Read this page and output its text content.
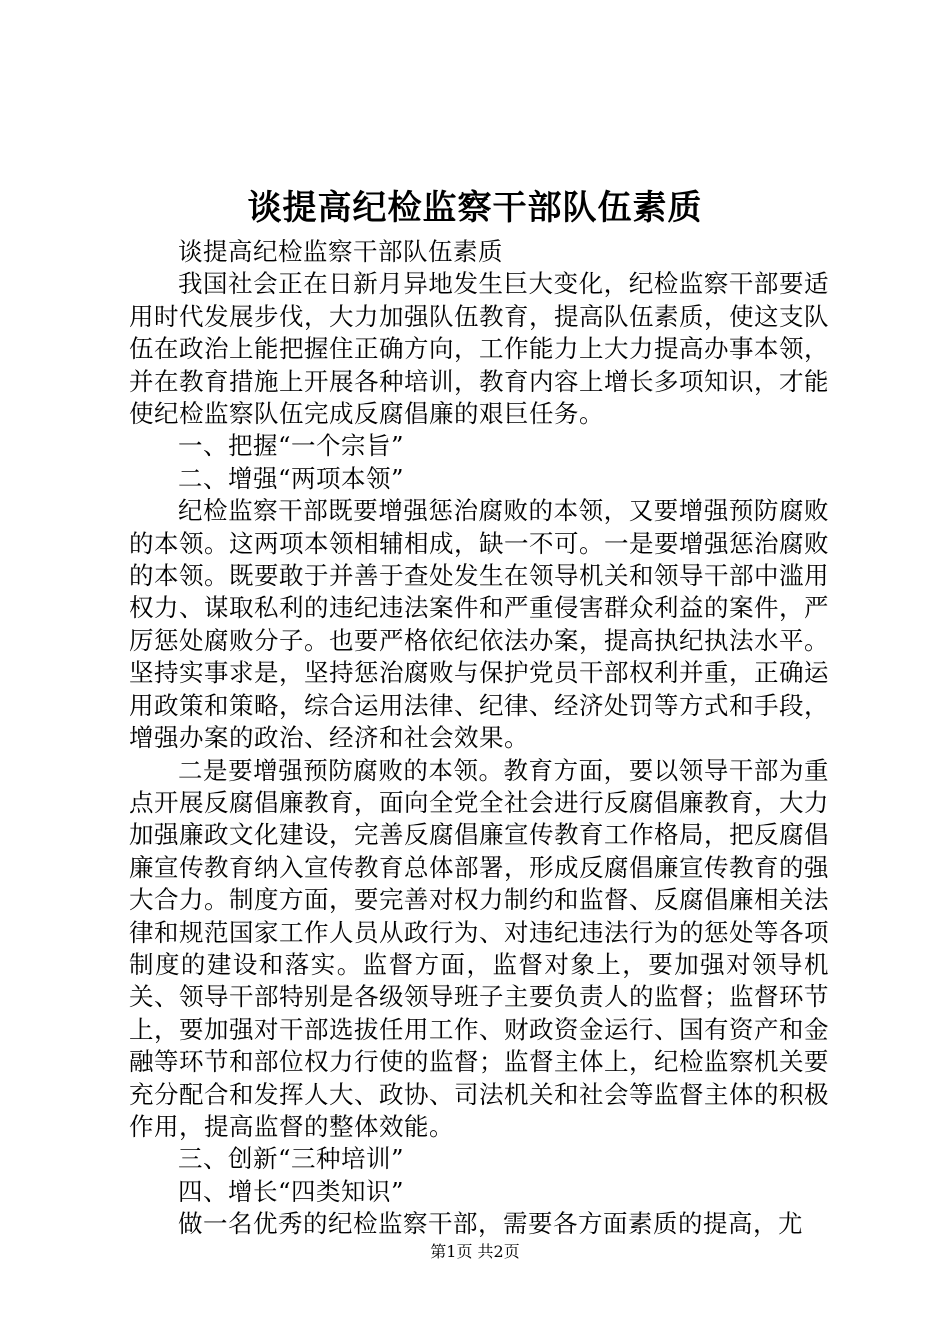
谈提高纪检监察干部队伍素质

谈提高纪检监察干部队伍素质

我国社会正在日新月异地发生巨大变化，纪检监察干部要适用时代发展步伐，大力加强队伍教育，提高队伍素质，使这支队伍在政治上能把握住正确方向，工作能力上大力提高办事本领，并在教育措施上开展各种培训，教育内容上增长多项知识，才能使纪检监察队伍完成反腐倡廉的艰巨任务。

一、把握“一个宗旨”

二、增强“两项本领”

纪检监察干部既要增强惩治腐败的本领，又要增强预防腐败的本领。这两项本领相辅相成，缺一不可。一是要增强惩治腐败的本领。既要敢于并善于查处发生在领导机关和领导干部中滥用权力、谋取私利的违纪违法案件和严重侵害群众利益的案件，严厉惩处腐败分子。也要严格依纪依法办案，提高执纪执法水平。坚持实事求是，坚持惩治腐败与保护党员干部权利并重，正确运用政策和策略，综合运用法律、纪律、经济处罚等方式和手段，增强办案的政治、经济和社会效果。

二是要增强预防腐败的本领。教育方面，要以领导干部为重点开展反腐倡廉教育，面向全党全社会进行反腐倡廉教育，大力加强廉政文化建设，完善反腐倡廉宣传教育工作格局，把反腐倡廉宣传教育纳入宣传教育总体部署，形成反腐倡廉宣传教育的强大合力。制度方面，要完善对权力制约和监督、反腐倡廉相关法律和规范国家工作人员从政行为、对违纪违法行为的惩处等各项制度的建设和落实。监督方面，监督对象上，要加强对领导机关、领导干部特别是各级领导班子主要负责人的监督；监督环节上，要加强对干部选拔任用工作、财政资金运行、国有资产和金融等环节和部位权力行使的监督；监督主体上，纪检监察机关要充分配合和发挥人大、政协、司法机关和社会等监督主体的积极作用，提高监督的整体效能。

三、创新“三种培训”

四、增长“四类知识”

做一名优秀的纪检监察干部，需要各方面素质的提高，尤

第1页 共2页
